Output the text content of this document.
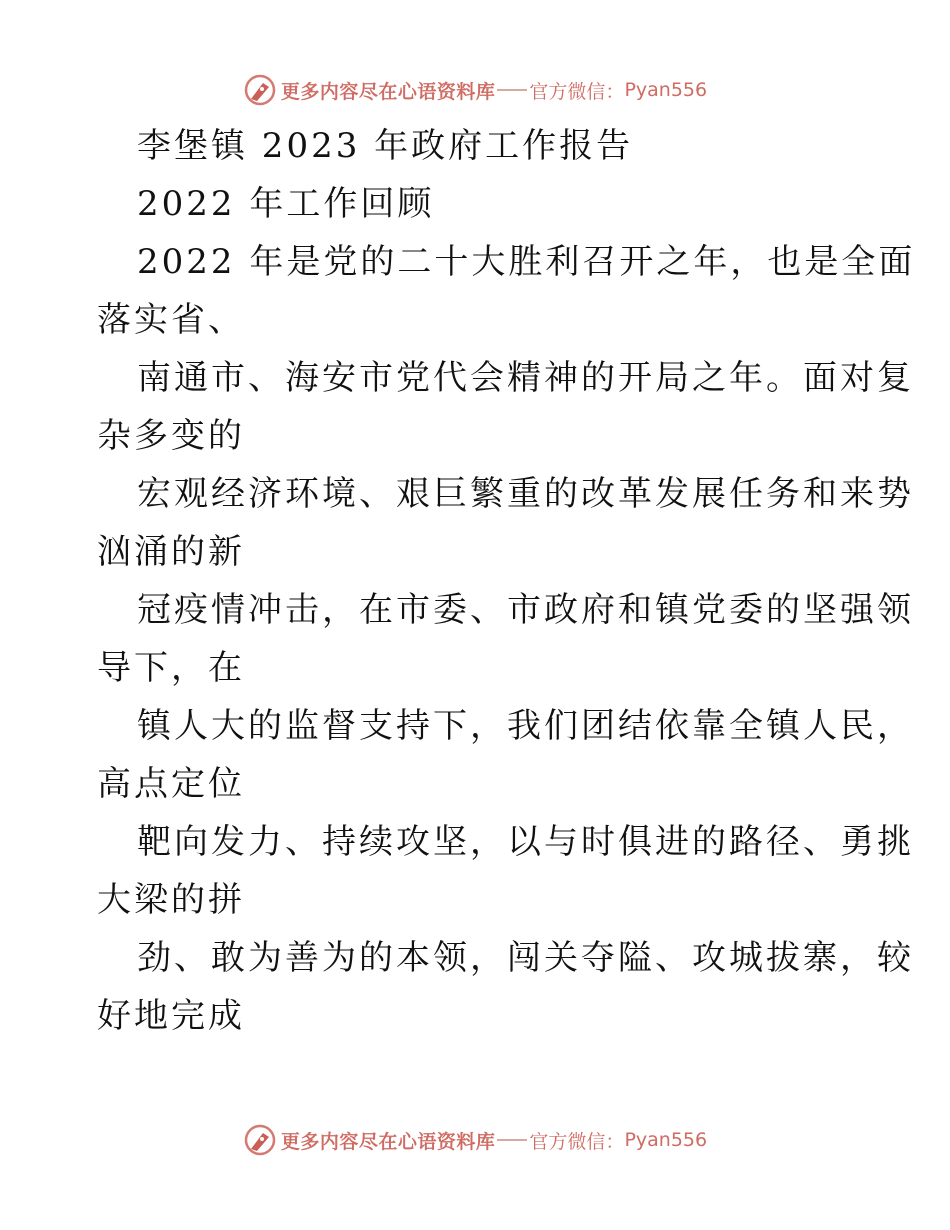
更多内容尽在心语资料库 官方微信： Pyan556
李堡镇 2023 年政府工作报告
2022 年工作回顾
2022 年是党的二十大胜利召开之年，也是全面
落实省、
南通市、海安市党代会精神的开局之年。面对复
杂多变的
宏观经济环境、艰巨繁重的改革发展任务和来势
汹涌的新
冠疫情冲击，在市委、市政府和镇党委的坚强领
导下，在
镇人大的监督支持下，我们团结依靠全镇人民，
高点定位
靶向发力、持续攻坚，以与时俱进的路径、勇挑
大梁的拼
劲、敢为善为的本领，闯关夺隘、攻城拔寨，较
好地完成
更多内容尽在心语资料库 官方微信： Pyan556
